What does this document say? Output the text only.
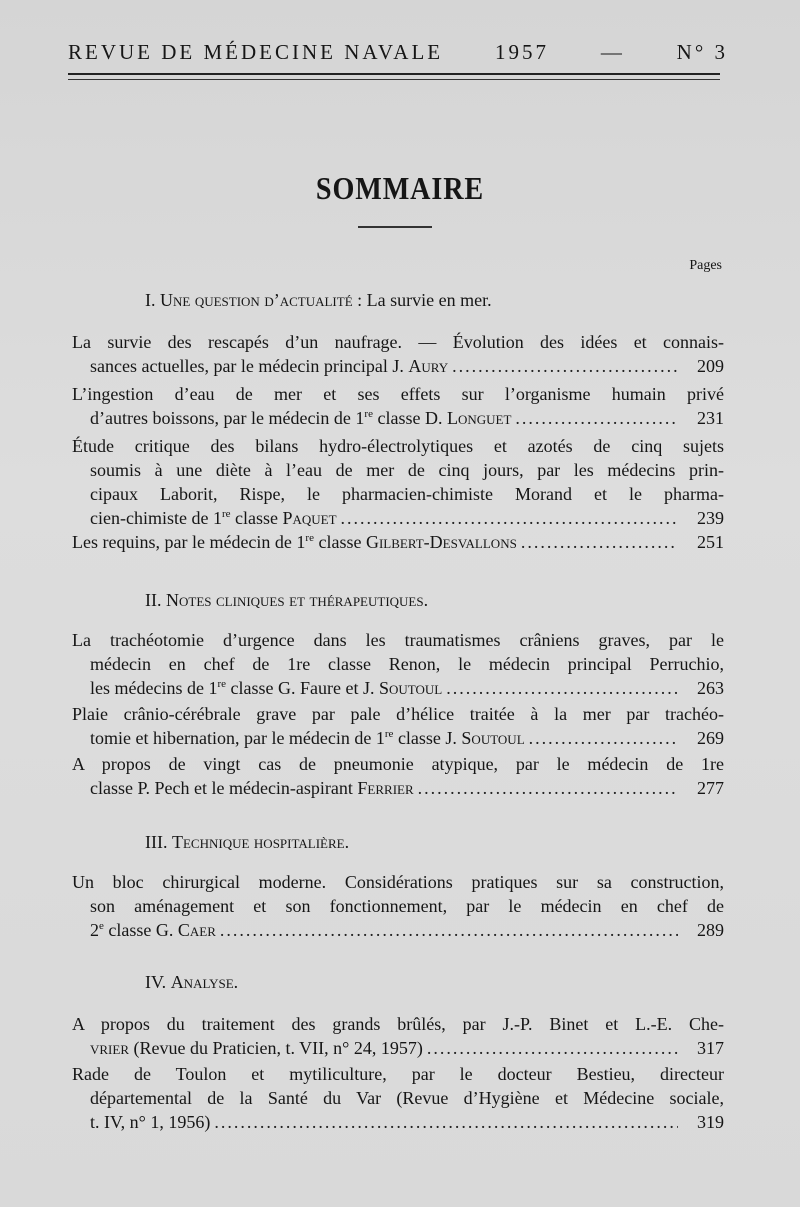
REVUE DE MÉDECINE NAVALE 1957 — N° 3
SOMMAIRE
Pages
I. Une question d’actualité : La survie en mer.
La survie des rescapés d’un naufrage. — Évolution des idées et connais-
sances actuelles, par le médecin principal J. Aury .....	209
L’ingestion d’eau de mer et ses effets sur l’organisme humain privé
d’autres boissons, par le médecin de 1re classe D. Longuet .....	231
Étude critique des bilans hydro-électrolytiques et azotés de cinq sujets
soumis à une diète à l’eau de mer de cinq jours, par les médecins prin-
cipaux Laborit, Rispe, le pharmacien-chimiste Morand et le pharma-
cien-chimiste de 1re classe Paquet .....	239
Les requins, par le médecin de 1re classe Gilbert-Desvallons .....	251
II. Notes cliniques et thérapeutiques.
La trachéotomie d’urgence dans les traumatismes crâniens graves, par le
médecin en chef de 1re classe Renon, le médecin principal Perruchio,
les médecins de 1re classe G. Faure et J. Soutoul .....	263
Plaie crânio-cérébrale grave par pale d’hélice traitée à la mer par trachéo-
tomie et hibernation, par le médecin de 1re classe J. Soutoul .....	269
A propos de vingt cas de pneumonie atypique, par le médecin de 1re
classe P. Pech et le médecin-aspirant Ferrier .....	277
III. Technique hospitalière.
Un bloc chirurgical moderne. Considérations pratiques sur sa construction,
son aménagement et son fonctionnement, par le médecin en chef de
2e classe G. Caer .....	289
IV. Analyse.
A propos du traitement des grands brûlés, par J.-P. Binet et L.-E. Che-
vrier (Revue du Praticien, t. VII, n° 24, 1957) .....	317
Rade de Toulon et mytiliculture, par le docteur Bestieu, directeur
départemental de la Santé du Var (Revue d’Hygiène et Médecine sociale,
t. IV, n° 1, 1956) .....	319
